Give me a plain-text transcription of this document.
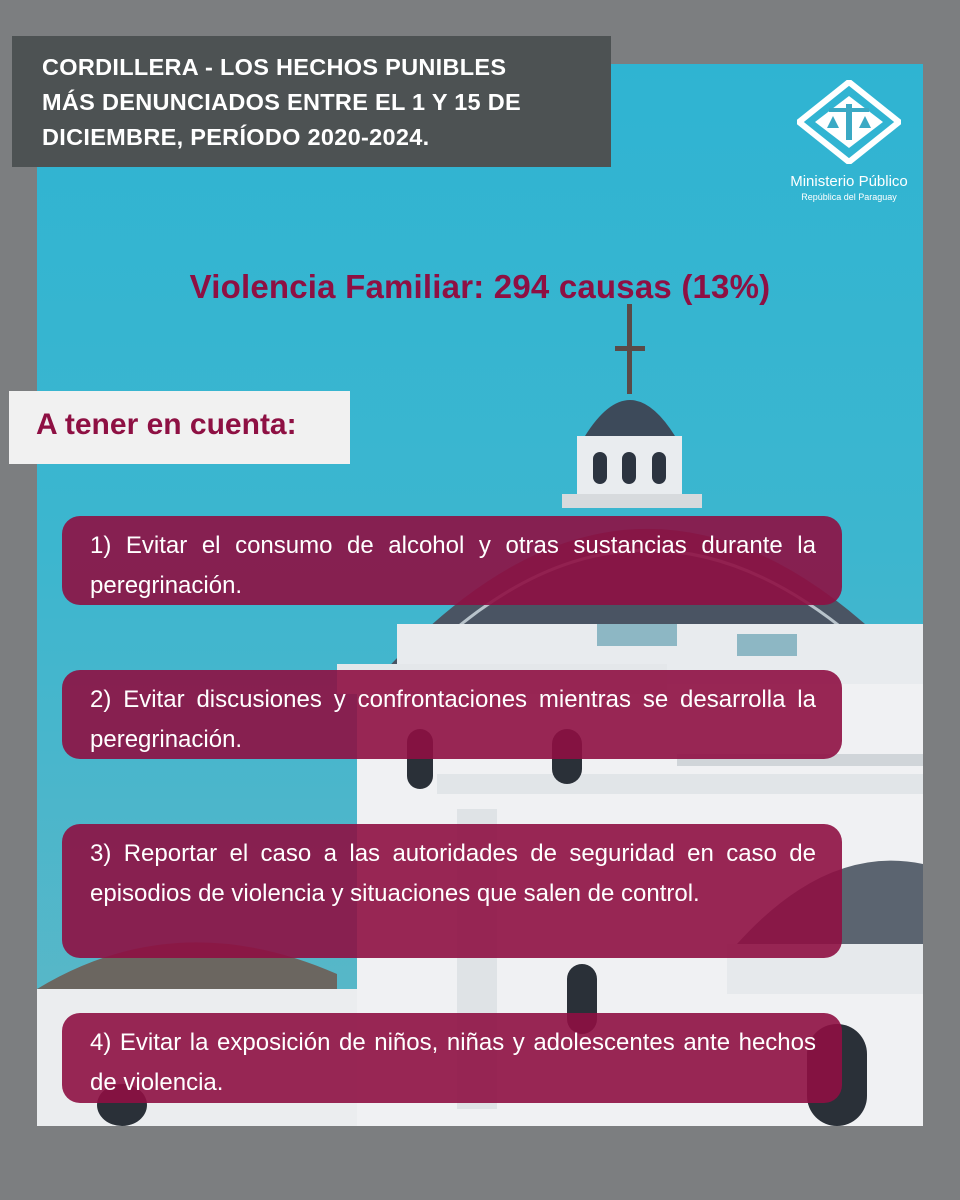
CORDILLERA - LOS HECHOS PUNIBLES

MÁS DENUNCIADOS ENTRE EL 1 Y 15 DE

DICIEMBRE, PERÍODO 2020-2024.

Ministerio Público
República del Paraguay
Violencia Familiar: 294 causas (13%)
A tener en cuenta:

1) Evitar el consumo de alcohol y otras sustancias durante la peregrinación.

2) Evitar discusiones y confrontaciones mientras se desarrolla la peregrinación.

3) Reportar el caso a las autoridades de seguridad en caso de episodios de violencia y situaciones que salen de control.

4) Evitar la exposición de niños, niñas y adolescentes ante hechos de violencia.
